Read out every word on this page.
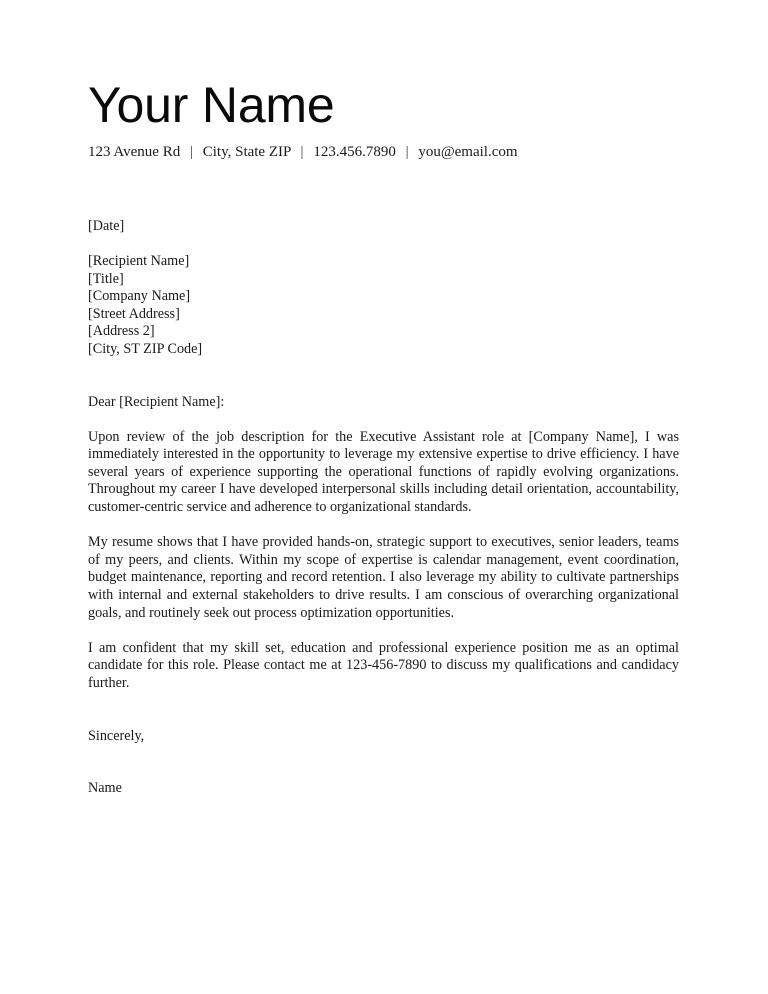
Your Name
123 Avenue Rd | City, State ZIP | 123.456.7890 | you@email.com
[Date]
[Recipient Name]
[Title]
[Company Name]
[Street Address]
[Address 2]
[City, ST ZIP Code]
Dear [Recipient Name]:

Upon review of the job description for the Executive Assistant role at [Company Name], I was immediately interested in the opportunity to leverage my extensive expertise to drive efficiency. I have several years of experience supporting the operational functions of rapidly evolving organizations. Throughout my career I have developed interpersonal skills including detail orientation, accountability, customer-centric service and adherence to organizational standards.

My resume shows that I have provided hands-on, strategic support to executives, senior leaders, teams of my peers, and clients. Within my scope of expertise is calendar management, event coordination, budget maintenance, reporting and record retention. I also leverage my ability to cultivate partnerships with internal and external stakeholders to drive results. I am conscious of overarching organizational goals, and routinely seek out process optimization opportunities.

I am confident that my skill set, education and professional experience position me as an optimal candidate for this role. Please contact me at 123-456-7890 to discuss my qualifications and candidacy further.

Sincerely,
Name
